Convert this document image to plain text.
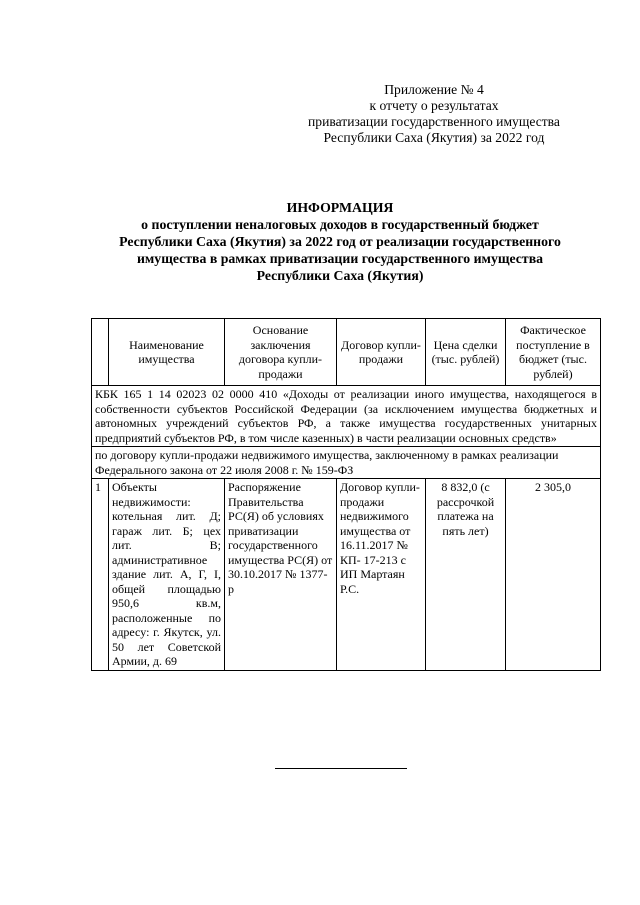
Приложение № 4
к отчету о результатах
приватизации государственного имущества
Республики Саха (Якутия) за 2022 год
ИНФОРМАЦИЯ
о поступлении неналоговых доходов в государственный бюджет
Республики Саха (Якутия) за 2022 год от реализации государственного
имущества в рамках приватизации государственного имущества
Республики Саха (Якутия)
	Наименование имущества	Основание заключения договора купли-продажи	Договор купли-продажи	Цена сделки (тыс. рублей)	Фактическое поступление в бюджет (тыс. рублей)
КБК 165 1 14 02023 02 0000 410 «Доходы от реализации иного имущества, находящегося в собственности субъектов Российской Федерации (за исключением имущества бюджетных и автономных учреждений субъектов РФ, а также имущества государственных унитарных предприятий субъектов РФ, в том числе казенных) в части реализации основных средств»					
по договору купли-продажи недвижимого имущества, заключенному в рамках реализации Федерального закона от 22 июля 2008 г. № 159-ФЗ					
1	Объекты недвижимости: котельная лит. Д; гараж лит. Б; цех лит. В; административное здание лит. А, Г, I, общей площадью 950,6 кв.м, расположенные по адресу: г. Якутск, ул. 50 лет Советской Армии, д. 69	Распоряжение Правительства РС(Я) об условиях приватизации государственного имущества РС(Я) от 30.10.2017 № 1377-р	Договор купли-продажи недвижимого имущества от 16.11.2017 № КП- 17-213 с ИП Мартаян Р.С.	8 832,0 (с рассрочкой платежа на пять лет)	2 305,0
